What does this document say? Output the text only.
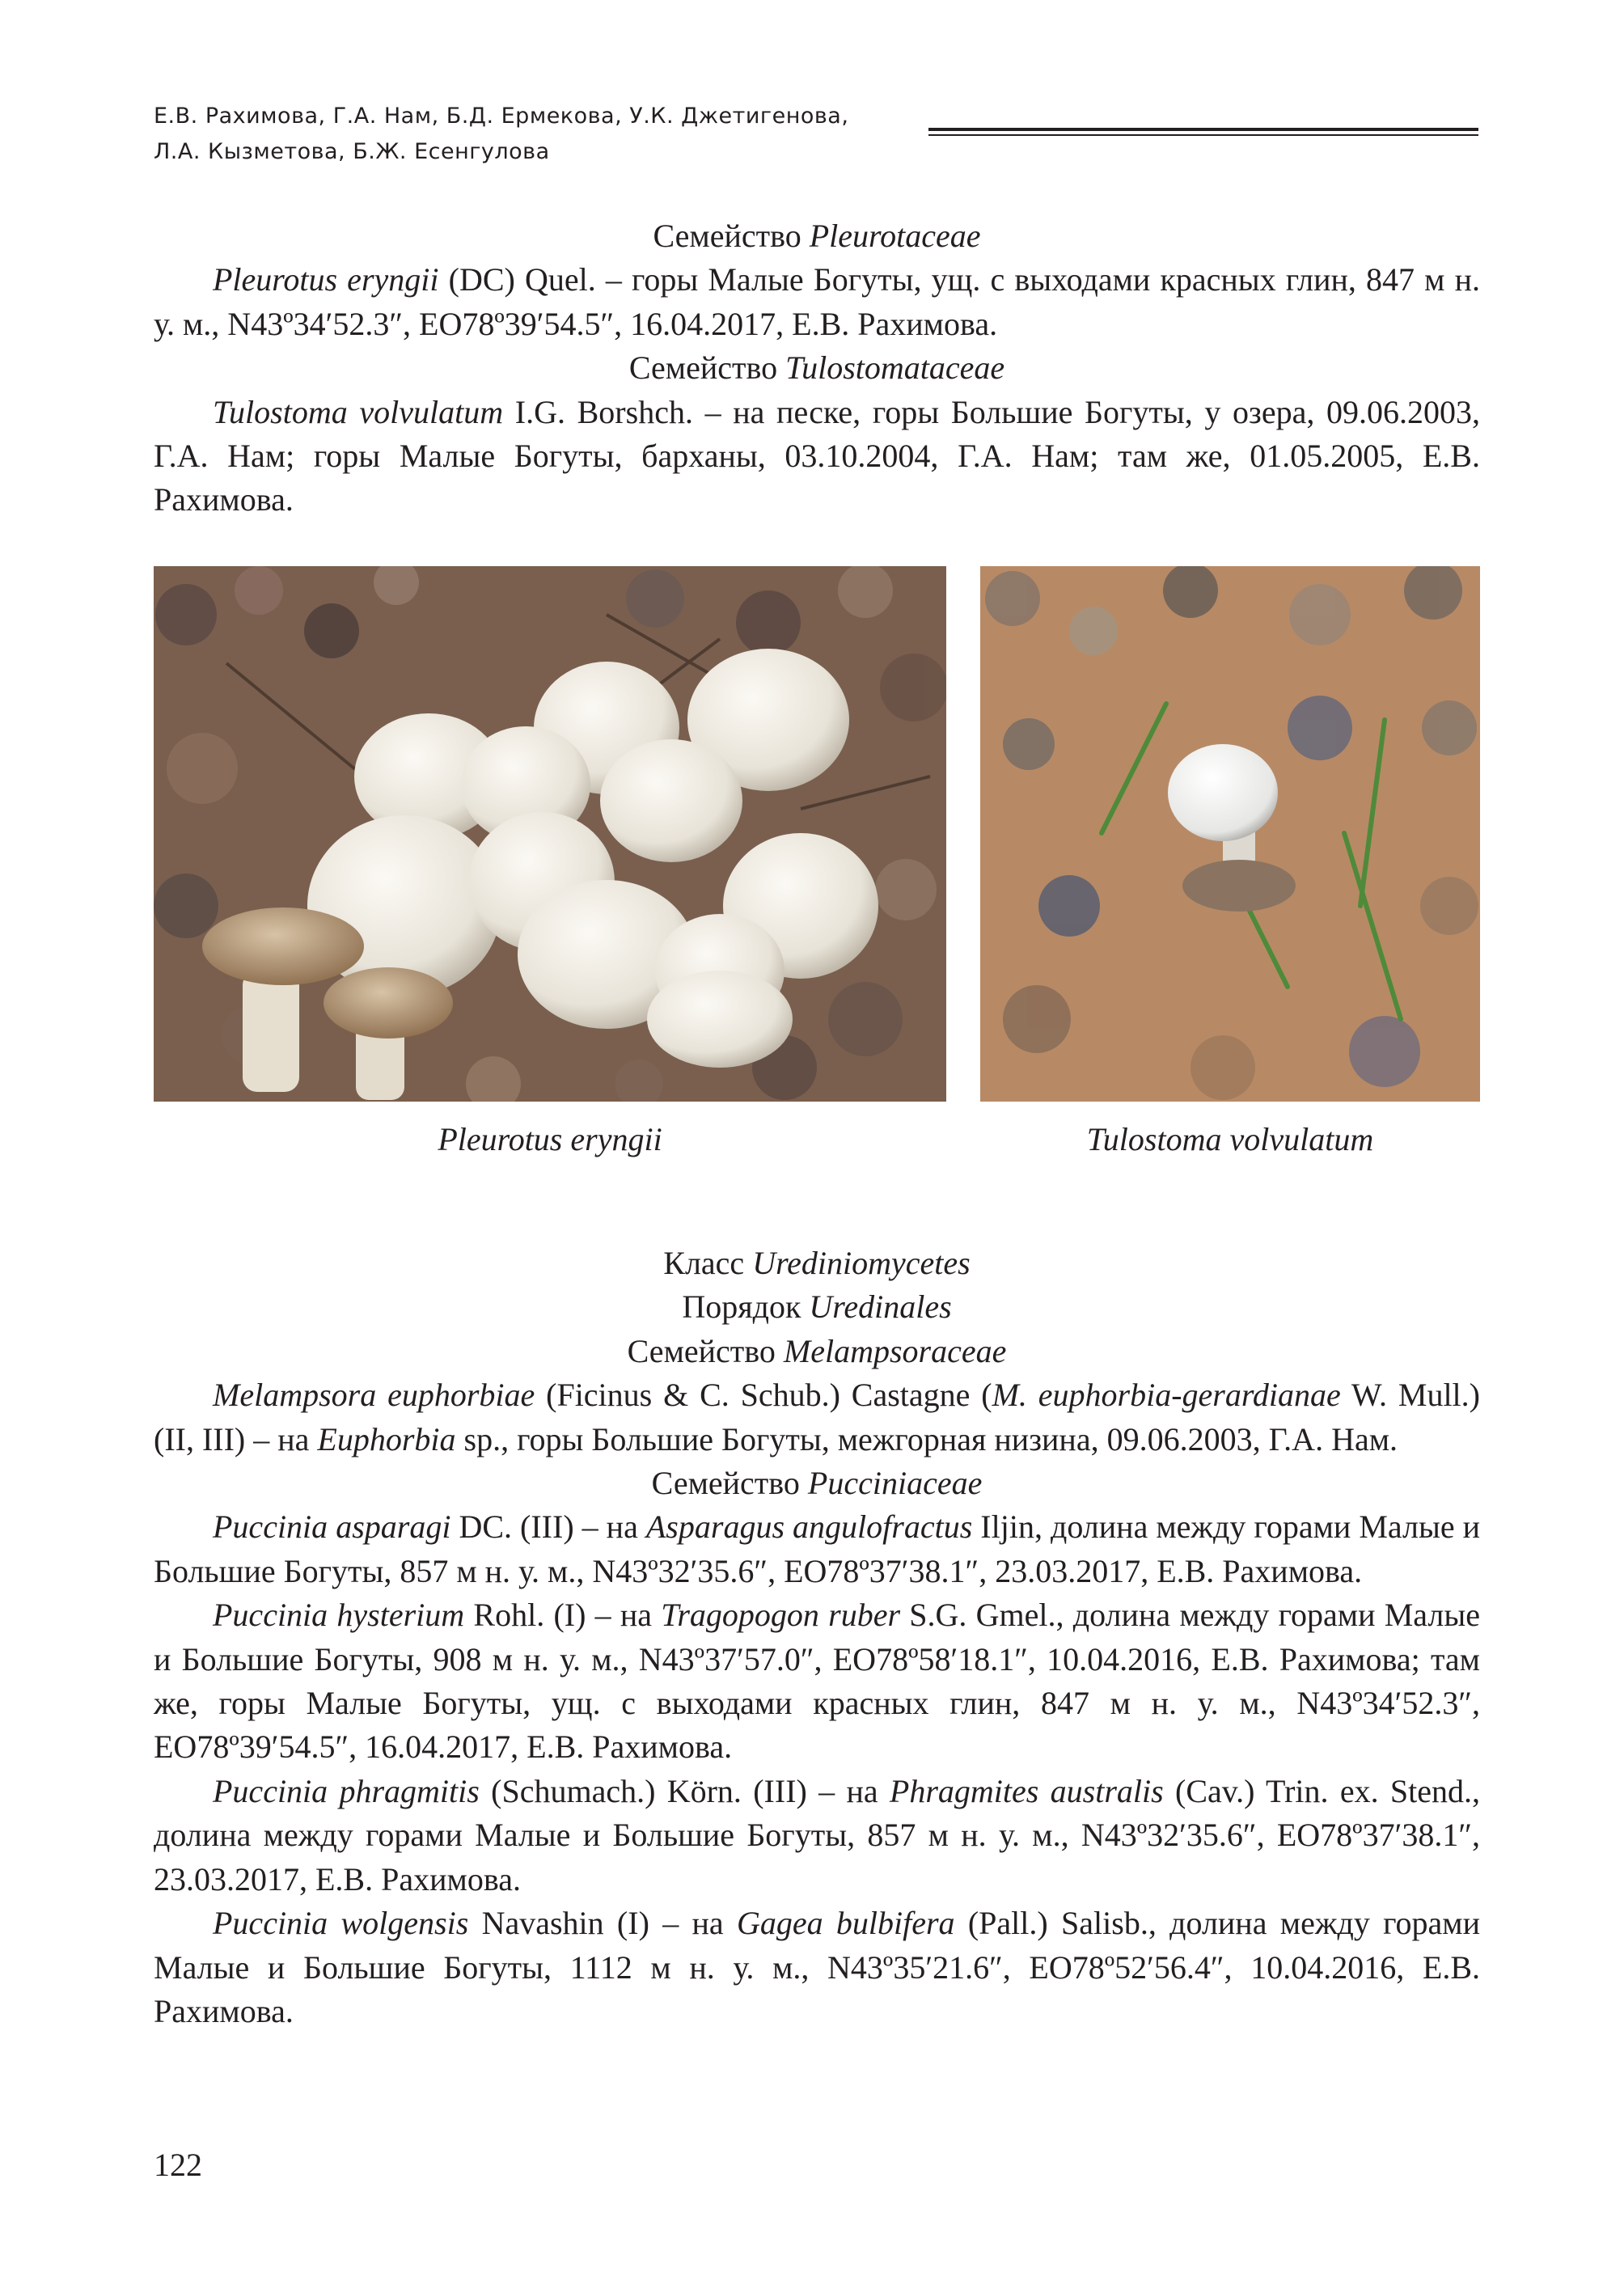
Е.В. Рахимова, Г.А. Нам, Б.Д. Ермекова, У.К. Джетигенова,
Л.А. Кызметова, Б.Ж. Есенгулова

Семейство Pleurotaceae

Pleurotus eryngii (DC) Quel. – горы Малые Богуты, ущ. с выходами красных глин, 847 м н. у. м., N43º34′52.3″, EO78º39′54.5″, 16.04.2017, Е.В. Рахимова.

Семейство Tulostomataceae

Tulostoma volvulatum I.G. Borshch. – на песке, горы Большие Богуты, у озера, 09.06.2003, Г.А. Нам; горы Малые Богуты, барханы, 03.10.2004, Г.А. Нам; там же, 01.05.2005, Е.В. Рахимова.

Pleurotus eryngii	Tulostoma volvulatum

Класс Urediniomycetes

Порядок Uredinales

Семейство Melampsoraceae

Melampsora euphorbiae (Ficinus & C. Schub.) Castagne (M. euphorbia-gerardianae W. Mull.) (II, III) – на Euphorbia sp., горы Большие Богуты, межгорная низина, 09.06.2003, Г.А. Нам.

Семейство Pucciniaceae

Puccinia asparagi DC. (III) – на Asparagus angulofractus Iljin, долина между горами Малые и Большие Богуты, 857 м н. у. м., N43º32′35.6″, EO78º37′38.1″, 23.03.2017, Е.В. Рахимова.

Puccinia hysterium Rohl. (I) – на Tragopogon ruber S.G. Gmel., долина между горами Малые и Большие Богуты, 908 м н. у. м., N43º37′57.0″, EO78º58′18.1″, 10.04.2016, Е.В. Рахимова; там же, горы Малые Богуты, ущ. с выходами красных глин, 847 м н. у. м., N43º34′52.3″, EO78º39′54.5″, 16.04.2017, Е.В. Рахимова.

Puccinia phragmitis (Schumach.) Körn. (III) – на Phragmites australis (Cav.) Trin. ex. Stend., долина между горами Малые и Большие Богуты, 857 м н. у. м., N43º32′35.6″, EO78º37′38.1″, 23.03.2017, Е.В. Рахимова.

Puccinia wolgensis Navashin (I) – на Gagea bulbifera (Pall.) Salisb., долина между горами Малые и Большие Богуты, 1112 м н. у. м., N43º35′21.6″, EO78º52′56.4″, 10.04.2016, Е.В. Рахимова.

122
